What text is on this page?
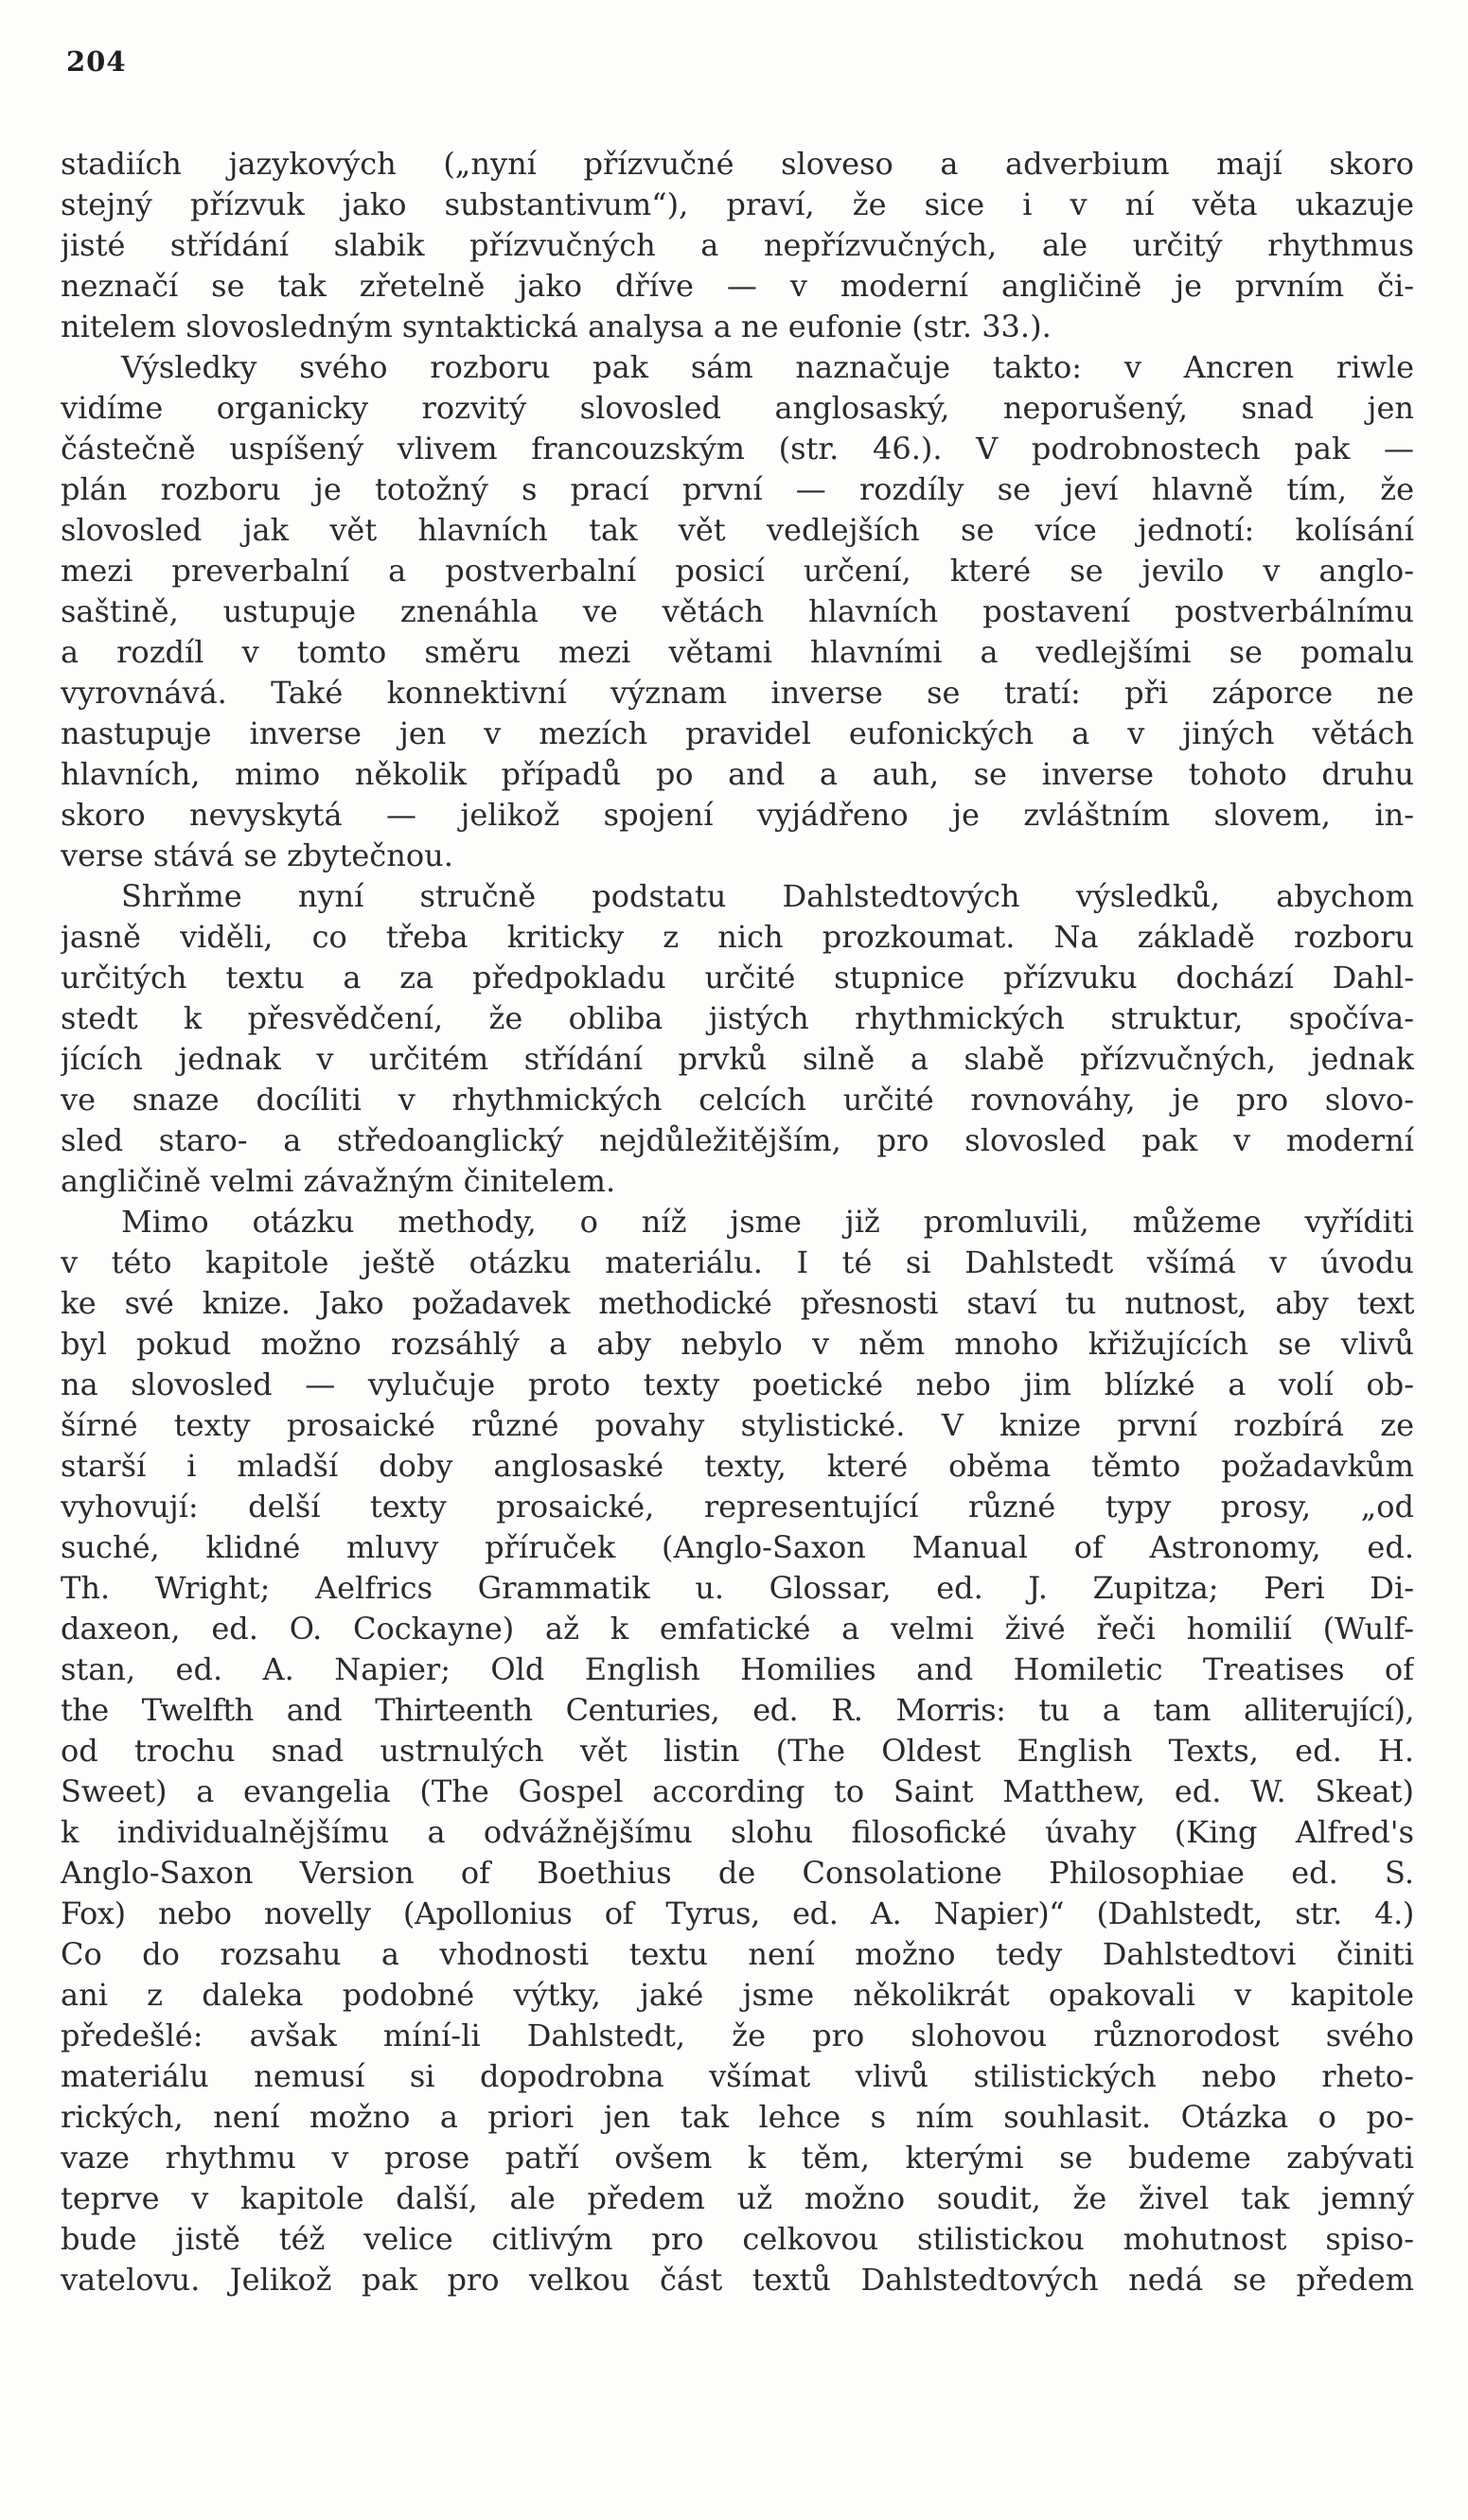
204
stadiích jazykových („nyní přízvučné sloveso a adverbium mají skoro
stejný přízvuk jako substantivum“), praví, že sice i v ní věta ukazuje
jisté střídání slabik přízvučných a nepřízvučných, ale určitý rhythmus
neznačí se tak zřetelně jako dříve — v moderní angličině je prvním či-
nitelem slovosledným syntaktická analysa a ne eufonie (str. 33.).
Výsledky svého rozboru pak sám naznačuje takto: v Ancren riwle
vidíme organicky rozvitý slovosled anglosaský, neporušený, snad jen
částečně uspíšený vlivem francouzským (str. 46.). V podrobnostech pak —
plán rozboru je totožný s prací první — rozdíly se jeví hlavně tím, že
slovosled jak vět hlavních tak vět vedlejších se více jednotí: kolísání
mezi preverbalní a postverbalní posicí určení, které se jevilo v anglo-
saštině, ustupuje znenáhla ve větách hlavních postavení postverbálnímu
a rozdíl v tomto směru mezi větami hlavními a vedlejšími se pomalu
vyrovnává. Také konnektivní význam inverse se tratí: při záporce ne
nastupuje inverse jen v mezích pravidel eufonických a v jiných větách
hlavních, mimo několik případů po and a auh, se inverse tohoto druhu
skoro nevyskytá — jelikož spojení vyjádřeno je zvláštním slovem, in-
verse stává se zbytečnou.
Shrňme nyní stručně podstatu Dahlstedtových výsledků, abychom
jasně viděli, co třeba kriticky z nich prozkoumat. Na základě rozboru
určitých textu a za předpokladu určité stupnice přízvuku dochází Dahl-
stedt k přesvědčení, že obliba jistých rhythmických struktur, spočíva-
jících jednak v určitém střídání prvků silně a slabě přízvučných, jednak
ve snaze docíliti v rhythmických celcích určité rovnováhy, je pro slovo-
sled staro- a středoanglický nejdůležitějším, pro slovosled pak v moderní
angličině velmi závažným činitelem.
Mimo otázku methody, o níž jsme již promluvili, můžeme vyříditi
v této kapitole ještě otázku materiálu. I té si Dahlstedt všímá v úvodu
ke své knize. Jako požadavek methodické přesnosti staví tu nutnost, aby text
byl pokud možno rozsáhlý a aby nebylo v něm mnoho křižujících se vlivů
na slovosled — vylučuje proto texty poetické nebo jim blízké a volí ob-
šírné texty prosaické různé povahy stylistické. V knize první rozbírá ze
starší i mladší doby anglosaské texty, které oběma těmto požadavkům
vyhovují: delší texty prosaické, representující různé typy prosy, „od
suché, klidné mluvy příruček (Anglo-Saxon Manual of Astronomy, ed.
Th. Wright; Aelfrics Grammatik u. Glossar, ed. J. Zupitza; Peri Di-
daxeon, ed. O. Cockayne) až k emfatické a velmi živé řeči homilií (Wulf-
stan, ed. A. Napier; Old English Homilies and Homiletic Treatises of
the Twelfth and Thirteenth Centuries, ed. R. Morris: tu a tam alliterující),
od trochu snad ustrnulých vět listin (The Oldest English Texts, ed. H.
Sweet) a evangelia (The Gospel according to Saint Matthew, ed. W. Skeat)
k individualnějšímu a odvážnějšímu slohu filosofické úvahy (King Alfred's
Anglo-Saxon Version of Boethius de Consolatione Philosophiae ed. S.
Fox) nebo novelly (Apollonius of Tyrus, ed. A. Napier)“ (Dahlstedt, str. 4.)
Co do rozsahu a vhodnosti textu není možno tedy Dahlstedtovi činiti
ani z daleka podobné výtky, jaké jsme několikrát opakovali v kapitole
předešlé: avšak míní-li Dahlstedt, že pro slohovou různorodost svého
materiálu nemusí si dopodrobna všímat vlivů stilistických nebo rheto-
rických, není možno a priori jen tak lehce s ním souhlasit. Otázka o po-
vaze rhythmu v prose patří ovšem k těm, kterými se budeme zabývati
teprve v kapitole další, ale předem už možno soudit, že živel tak jemný
bude jistě též velice citlivým pro celkovou stilistickou mohutnost spiso-
vatelovu. Jelikož pak pro velkou část textů Dahlstedtových nedá se předem
